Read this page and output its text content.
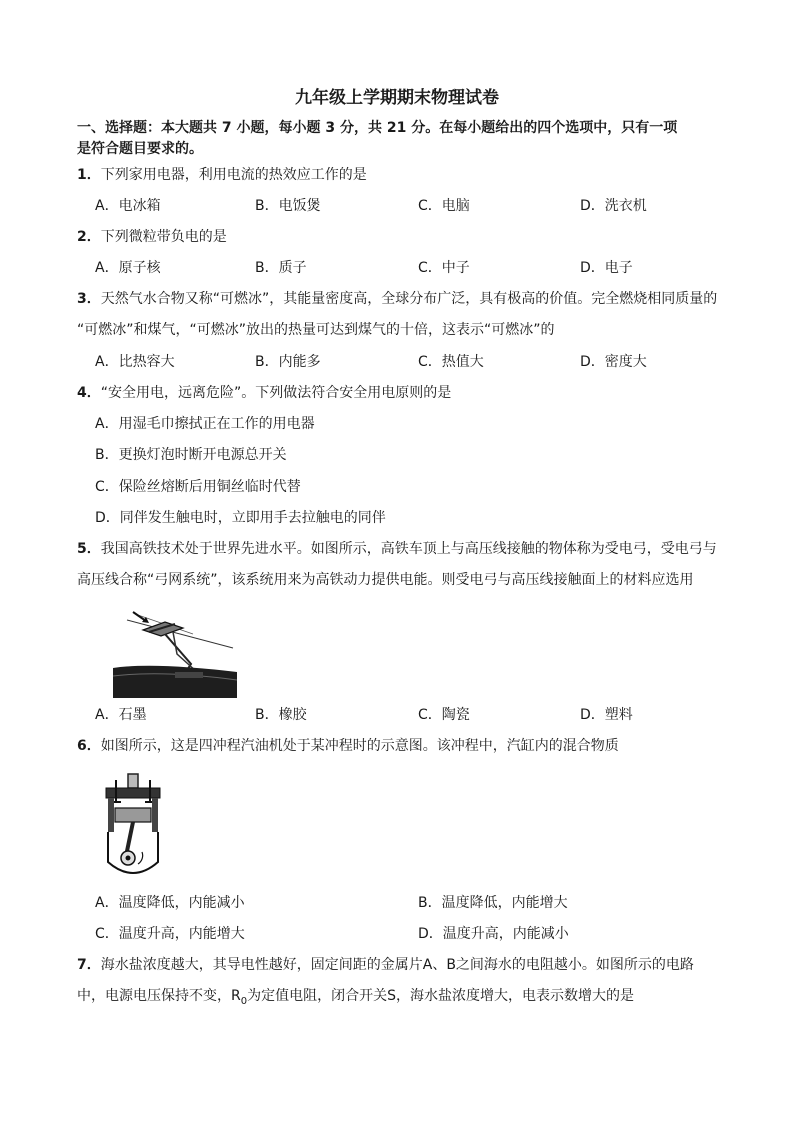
九年级上学期期末物理试卷
一、选择题：本大题共 7 小题，每小题 3 分，共 21 分。在每小题给出的四个选项中，只有一项
是符合题目要求的。
1．下列家用电器，利用电流的热效应工作的是
A．电冰箱	B．电饭煲	C．电脑	D．洗衣机
2．下列微粒带负电的是
A．原子核	B．质子	C．中子	D．电子
3．天然气水合物又称“可燃冰”，其能量密度高，全球分布广泛，具有极高的价值。完全燃烧相同质量的
“可燃冰”和煤气，“可燃冰”放出的热量可达到煤气的十倍，这表示“可燃冰”的
A．比热容大	B．内能多	C．热值大	D．密度大
4．“安全用电，远离危险”。下列做法符合安全用电原则的是
A．用湿毛巾擦拭正在工作的用电器
B．更换灯泡时断开电源总开关
C．保险丝熔断后用铜丝临时代替
D．同伴发生触电时，立即用手去拉触电的同伴
5．我国高铁技术处于世界先进水平。如图所示，高铁车顶上与高压线接触的物体称为受电弓，受电弓与
高压线合称“弓网系统”，该系统用来为高铁动力提供电能。则受电弓与高压线接触面上的材料应选用
A．石墨	B．橡胶	C．陶瓷	D．塑料
6．如图所示，这是四冲程汽油机处于某冲程时的示意图。该冲程中，汽缸内的混合物质
A．温度降低，内能减小	B．温度降低，内能增大
C．温度升高，内能增大	D．温度升高，内能减小
7．海水盐浓度越大，其导电性越好，固定间距的金属片A、B之间海水的电阻越小。如图所示的电路
中，电源电压保持不变，$R_0$为定值电阻，闭合开关S，海水盐浓度增大，电表示数增大的是
